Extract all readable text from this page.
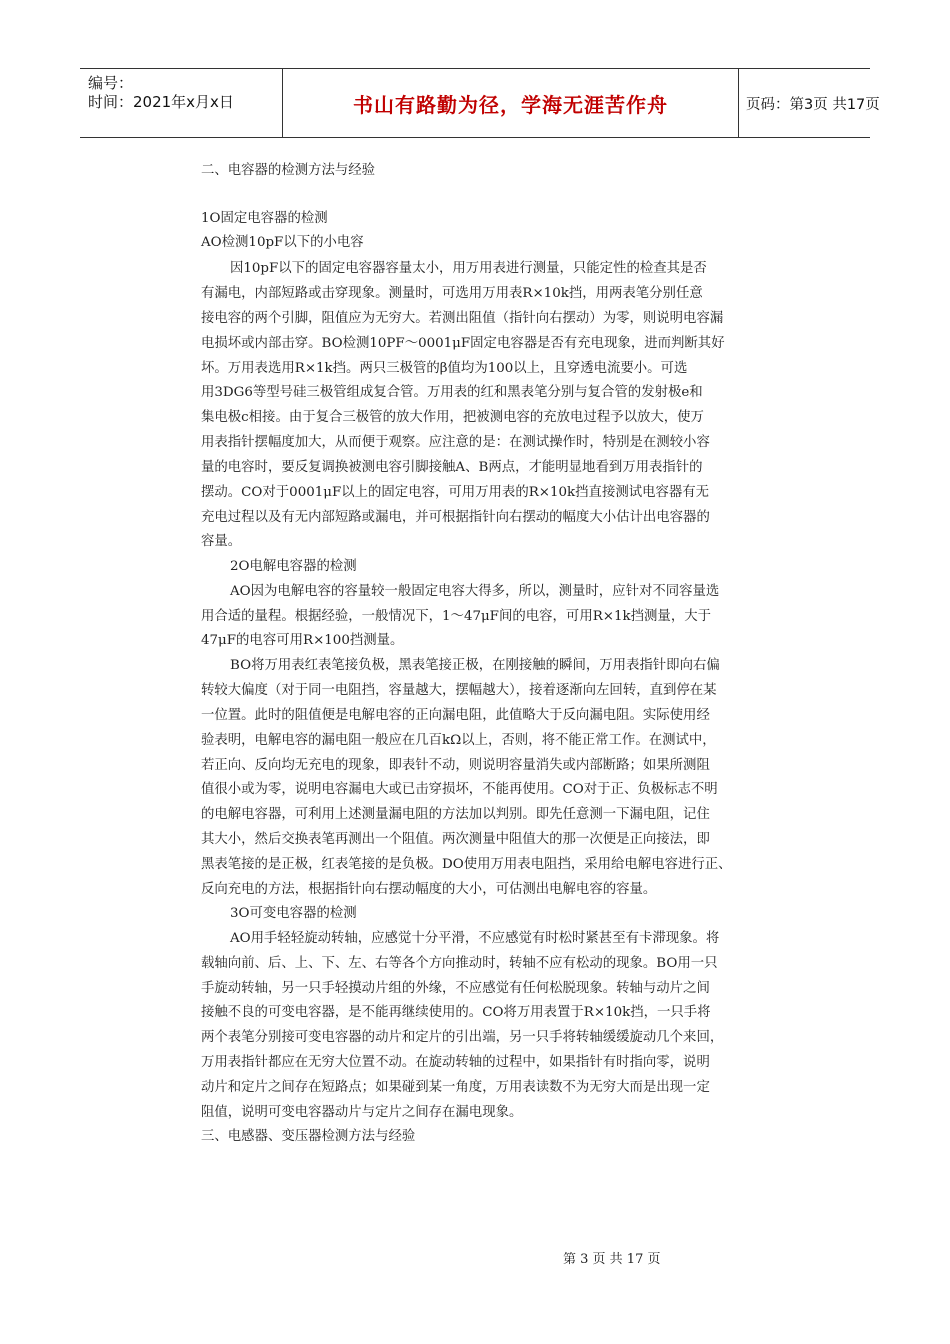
编号：
时间：2021年x月x日	书山有路勤为径，学海无涯苦作舟	页码：第3页 共17页
二、电容器的检测方法与经验
1O固定电容器的检测
AO检测10pF以下的小电容
因10pF以下的固定电容器容量太小，用万用表进行测量，只能定性的检查其是否
有漏电，内部短路或击穿现象。测量时，可选用万用表R×10k挡，用两表笔分别任意
接电容的两个引脚，阻值应为无穷大。若测出阻值（指针向右摆动）为零，则说明电容漏
电损坏或内部击穿。BO检测10PF～0001μF固定电容器是否有充电现象，进而判断其好
坏。万用表选用R×1k挡。两只三极管的β值均为100以上，且穿透电流要小。可选
用3DG6等型号硅三极管组成复合管。万用表的红和黑表笔分别与复合管的发射极e和
集电极c相接。由于复合三极管的放大作用，把被测电容的充放电过程予以放大，使万
用表指针摆幅度加大，从而便于观察。应注意的是：在测试操作时，特别是在测较小容
量的电容时，要反复调换被测电容引脚接触A、B两点，才能明显地看到万用表指针的
摆动。CO对于0001μF以上的固定电容，可用万用表的R×10k挡直接测试电容器有无
充电过程以及有无内部短路或漏电，并可根据指针向右摆动的幅度大小估计出电容器的
容量。
2O电解电容器的检测
AO因为电解电容的容量较一般固定电容大得多，所以，测量时，应针对不同容量选
用合适的量程。根据经验，一般情况下，1～47μF间的电容，可用R×1k挡测量，大于
47μF的电容可用R×100挡测量。
BO将万用表红表笔接负极，黑表笔接正极，在刚接触的瞬间，万用表指针即向右偏
转较大偏度（对于同一电阻挡，容量越大，摆幅越大），接着逐渐向左回转，直到停在某
一位置。此时的阻值便是电解电容的正向漏电阻，此值略大于反向漏电阻。实际使用经
验表明，电解电容的漏电阻一般应在几百kΩ以上，否则，将不能正常工作。在测试中，
若正向、反向均无充电的现象，即表针不动，则说明容量消失或内部断路；如果所测阻
值很小或为零，说明电容漏电大或已击穿损坏，不能再使用。CO对于正、负极标志不明
的电解电容器，可利用上述测量漏电阻的方法加以判别。即先任意测一下漏电阻，记住
其大小，然后交换表笔再测出一个阻值。两次测量中阻值大的那一次便是正向接法，即
黑表笔接的是正极，红表笔接的是负极。DO使用万用表电阻挡，采用给电解电容进行正、
反向充电的方法，根据指针向右摆动幅度的大小，可估测出电解电容的容量。
3O可变电容器的检测
AO用手轻轻旋动转轴，应感觉十分平滑，不应感觉有时松时紧甚至有卡滞现象。将
载轴向前、后、上、下、左、右等各个方向推动时，转轴不应有松动的现象。BO用一只
手旋动转轴，另一只手轻摸动片组的外缘，不应感觉有任何松脱现象。转轴与动片之间
接触不良的可变电容器，是不能再继续使用的。CO将万用表置于R×10k挡，一只手将
两个表笔分别接可变电容器的动片和定片的引出端，另一只手将转轴缓缓旋动几个来回，
万用表指针都应在无穷大位置不动。在旋动转轴的过程中，如果指针有时指向零，说明
动片和定片之间存在短路点；如果碰到某一角度，万用表读数不为无穷大而是出现一定
阻值，说明可变电容器动片与定片之间存在漏电现象。
三、电感器、变压器检测方法与经验
第 3 页 共 17 页
